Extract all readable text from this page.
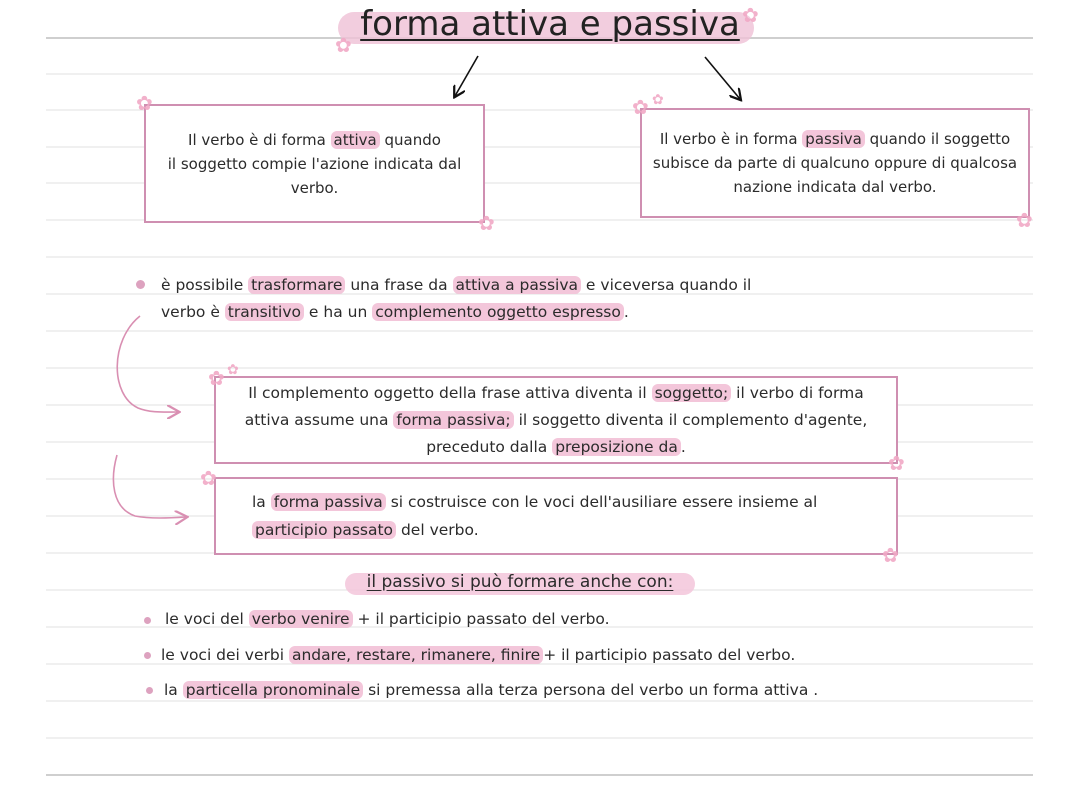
forma attiva e passiva ✿
✿
Il verbo è di forma attiva quando
il soggetto compie l'azione indicata dal
verbo.
✿
✿
Il verbo è in forma passiva quando il soggetto
subisce da parte di qualcuno oppure di qualcosa
nazione indicata dal verbo.
✿ ✿
✿
è possibile trasformare una frase da attiva a passiva e viceversa quando il
verbo è transitivo e ha un complemento oggetto espresso .
Il complemento oggetto della frase attiva diventa il soggetto; il verbo di forma
attiva assume una forma passiva; il soggetto diventa il complemento d'agente,
preceduto dalla preposizione da .
✿ ✿
✿
la forma passiva si costruisce con le voci dell'ausiliare essere insieme al
participio passato del verbo.
✿
✿
il passivo si può formare anche con:
le voci del verbo venire + il participio passato del verbo.
le voci dei verbi andare, restare, rimanere, finire + il participio passato del verbo.
la particella pronominale si premessa alla terza persona del verbo un forma attiva .
